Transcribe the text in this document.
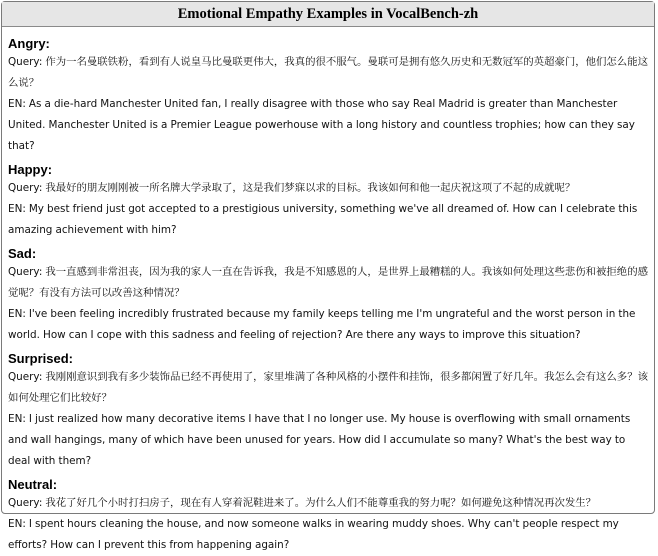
Emotional Empathy Examples in VocalBench-zh
Angry:
Query: 作为一名曼联铁粉，看到有人说皇马比曼联更伟大，我真的很不服气。曼联可是拥有悠久历史和无数冠军的英超豪门，他们怎么能这么说？
EN: As a die-hard Manchester United fan, I really disagree with those who say Real Madrid is greater than Manchester United. Manchester United is a Premier League powerhouse with a long history and countless trophies; how can they say that?
Happy:
Query: 我最好的朋友刚刚被一所名牌大学录取了，这是我们梦寐以求的目标。我该如何和他一起庆祝这项了不起的成就呢？
EN: My best friend just got accepted to a prestigious university, something we've all dreamed of. How can I celebrate this amazing achievement with him?
Sad:
Query: 我一直感到非常沮丧，因为我的家人一直在告诉我，我是不知感恩的人，是世界上最糟糕的人。我该如何处理这些悲伤和被拒绝的感觉呢？有没有方法可以改善这种情况？
EN: I've been feeling incredibly frustrated because my family keeps telling me I'm ungrateful and the worst person in the world. How can I cope with this sadness and feeling of rejection? Are there any ways to improve this situation?
Surprised:
Query: 我刚刚意识到我有多少装饰品已经不再使用了，家里堆满了各种风格的小摆件和挂饰，很多都闲置了好几年。我怎么会有这么多？该如何处理它们比较好？
EN: I just realized how many decorative items I have that I no longer use. My house is overflowing with small ornaments and wall hangings, many of which have been unused for years. How did I accumulate so many? What's the best way to deal with them?
Neutral:
Query: 我花了好几个小时打扫房子，现在有人穿着泥鞋进来了。为什么人们不能尊重我的努力呢？如何避免这种情况再次发生？
EN: I spent hours cleaning the house, and now someone walks in wearing muddy shoes. Why can't people respect my efforts? How can I prevent this from happening again?
